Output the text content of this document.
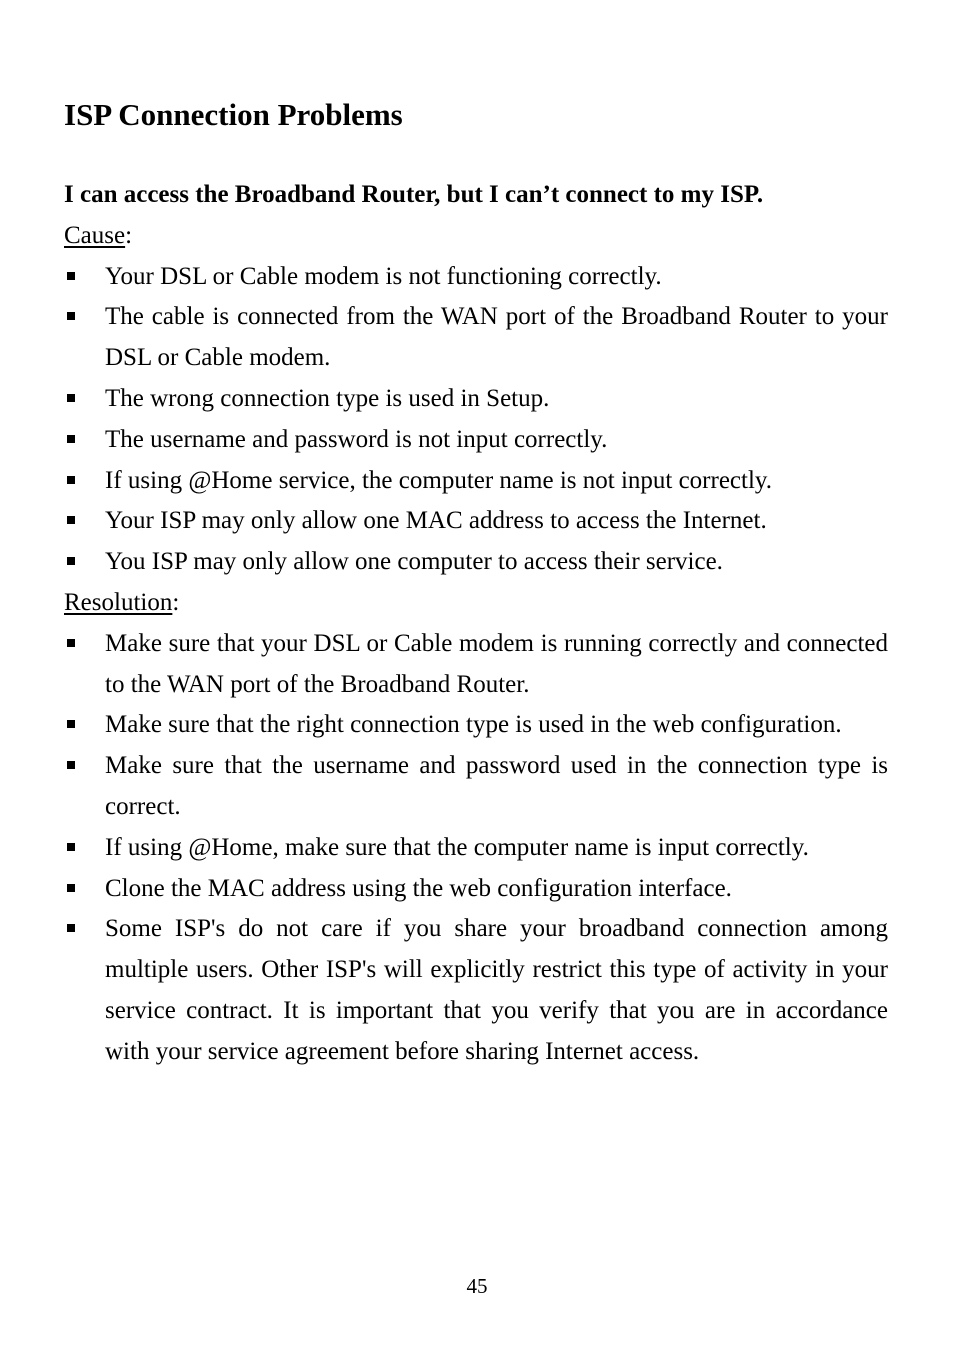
ISP Connection Problems

I can access the Broadband Router, but I can’t connect to my ISP.

Cause:

Your DSL or Cable modem is not functioning correctly.
The cable is connected from the WAN port of the Broadband Router to your DSL or Cable modem.
The wrong connection type is used in Setup.
The username and password is not input correctly.
If using @Home service, the computer name is not input correctly.
Your ISP may only allow one MAC address to access the Internet.
You ISP may only allow one computer to access their service.

Resolution:

Make sure that your DSL or Cable modem is running correctly and connected to the WAN port of the Broadband Router.
Make sure that the right connection type is used in the web configuration.
Make sure that the username and password used in the connection type is correct.
If using @Home, make sure that the computer name is input correctly.
Clone the MAC address using the web configuration interface.
Some ISP's do not care if you share your broadband connection among multiple users. Other ISP's will explicitly restrict this type of activity in your service contract. It is important that you verify that you are in accordance with your service agreement before sharing Internet access.
45
